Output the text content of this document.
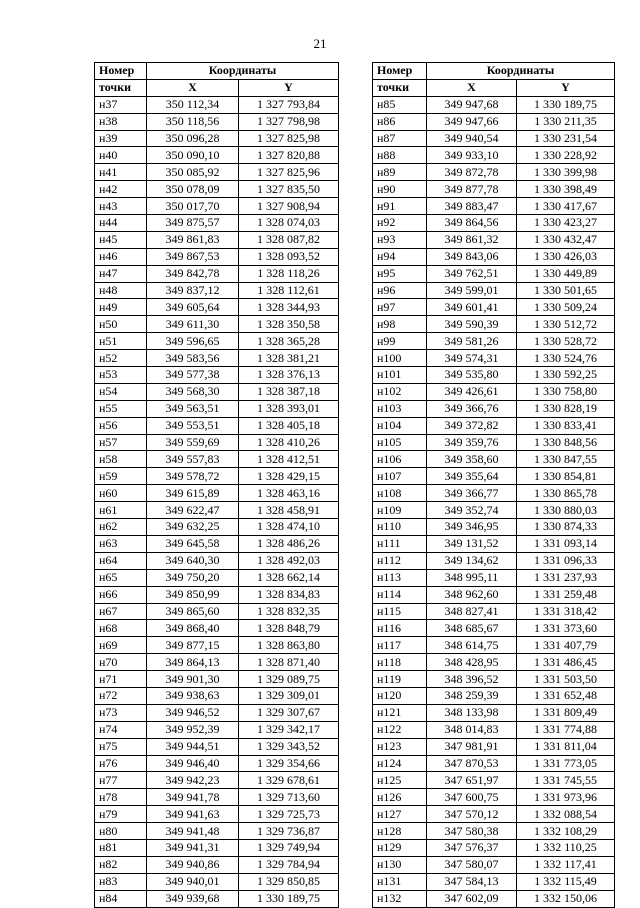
21
Номер	Координаты	
точки	X	Y
н37	350 112,34	1 327 793,84
н38	350 118,56	1 327 798,98
н39	350 096,28	1 327 825,98
н40	350 090,10	1 327 820,88
н41	350 085,92	1 327 825,96
н42	350 078,09	1 327 835,50
н43	350 017,70	1 327 908,94
н44	349 875,57	1 328 074,03
н45	349 861,83	1 328 087,82
н46	349 867,53	1 328 093,52
н47	349 842,78	1 328 118,26
н48	349 837,12	1 328 112,61
н49	349 605,64	1 328 344,93
н50	349 611,30	1 328 350,58
н51	349 596,65	1 328 365,28
н52	349 583,56	1 328 381,21
н53	349 577,38	1 328 376,13
н54	349 568,30	1 328 387,18
н55	349 563,51	1 328 393,01
н56	349 553,51	1 328 405,18
н57	349 559,69	1 328 410,26
н58	349 557,83	1 328 412,51
н59	349 578,72	1 328 429,15
н60	349 615,89	1 328 463,16
н61	349 622,47	1 328 458,91
н62	349 632,25	1 328 474,10
н63	349 645,58	1 328 486,26
н64	349 640,30	1 328 492,03
н65	349 750,20	1 328 662,14
н66	349 850,99	1 328 834,83
н67	349 865,60	1 328 832,35
н68	349 868,40	1 328 848,79
н69	349 877,15	1 328 863,80
н70	349 864,13	1 328 871,40
н71	349 901,30	1 329 089,75
н72	349 938,63	1 329 309,01
н73	349 946,52	1 329 307,67
н74	349 952,39	1 329 342,17
н75	349 944,51	1 329 343,52
н76	349 946,40	1 329 354,66
н77	349 942,23	1 329 678,61
н78	349 941,78	1 329 713,60
н79	349 941,63	1 329 725,73
н80	349 941,48	1 329 736,87
н81	349 941,31	1 329 749,94
н82	349 940,86	1 329 784,94
н83	349 940,01	1 329 850,85
н84	349 939,68	1 330 189,75
Номер	Координаты	
точки	X	Y
н85	349 947,68	1 330 189,75
н86	349 947,66	1 330 211,35
н87	349 940,54	1 330 231,54
н88	349 933,10	1 330 228,92
н89	349 872,78	1 330 399,98
н90	349 877,78	1 330 398,49
н91	349 883,47	1 330 417,67
н92	349 864,56	1 330 423,27
н93	349 861,32	1 330 432,47
н94	349 843,06	1 330 426,03
н95	349 762,51	1 330 449,89
н96	349 599,01	1 330 501,65
н97	349 601,41	1 330 509,24
н98	349 590,39	1 330 512,72
н99	349 581,26	1 330 528,72
н100	349 574,31	1 330 524,76
н101	349 535,80	1 330 592,25
н102	349 426,61	1 330 758,80
н103	349 366,76	1 330 828,19
н104	349 372,82	1 330 833,41
н105	349 359,76	1 330 848,56
н106	349 358,60	1 330 847,55
н107	349 355,64	1 330 854,81
н108	349 366,77	1 330 865,78
н109	349 352,74	1 330 880,03
н110	349 346,95	1 330 874,33
н111	349 131,52	1 331 093,14
н112	349 134,62	1 331 096,33
н113	348 995,11	1 331 237,93
н114	348 962,60	1 331 259,48
н115	348 827,41	1 331 318,42
н116	348 685,67	1 331 373,60
н117	348 614,75	1 331 407,79
н118	348 428,95	1 331 486,45
н119	348 396,52	1 331 503,50
н120	348 259,39	1 331 652,48
н121	348 133,98	1 331 809,49
н122	348 014,83	1 331 774,88
н123	347 981,91	1 331 811,04
н124	347 870,53	1 331 773,05
н125	347 651,97	1 331 745,55
н126	347 600,75	1 331 973,96
н127	347 570,12	1 332 088,54
н128	347 580,38	1 332 108,29
н129	347 576,37	1 332 110,25
н130	347 580,07	1 332 117,41
н131	347 584,13	1 332 115,49
н132	347 602,09	1 332 150,06
